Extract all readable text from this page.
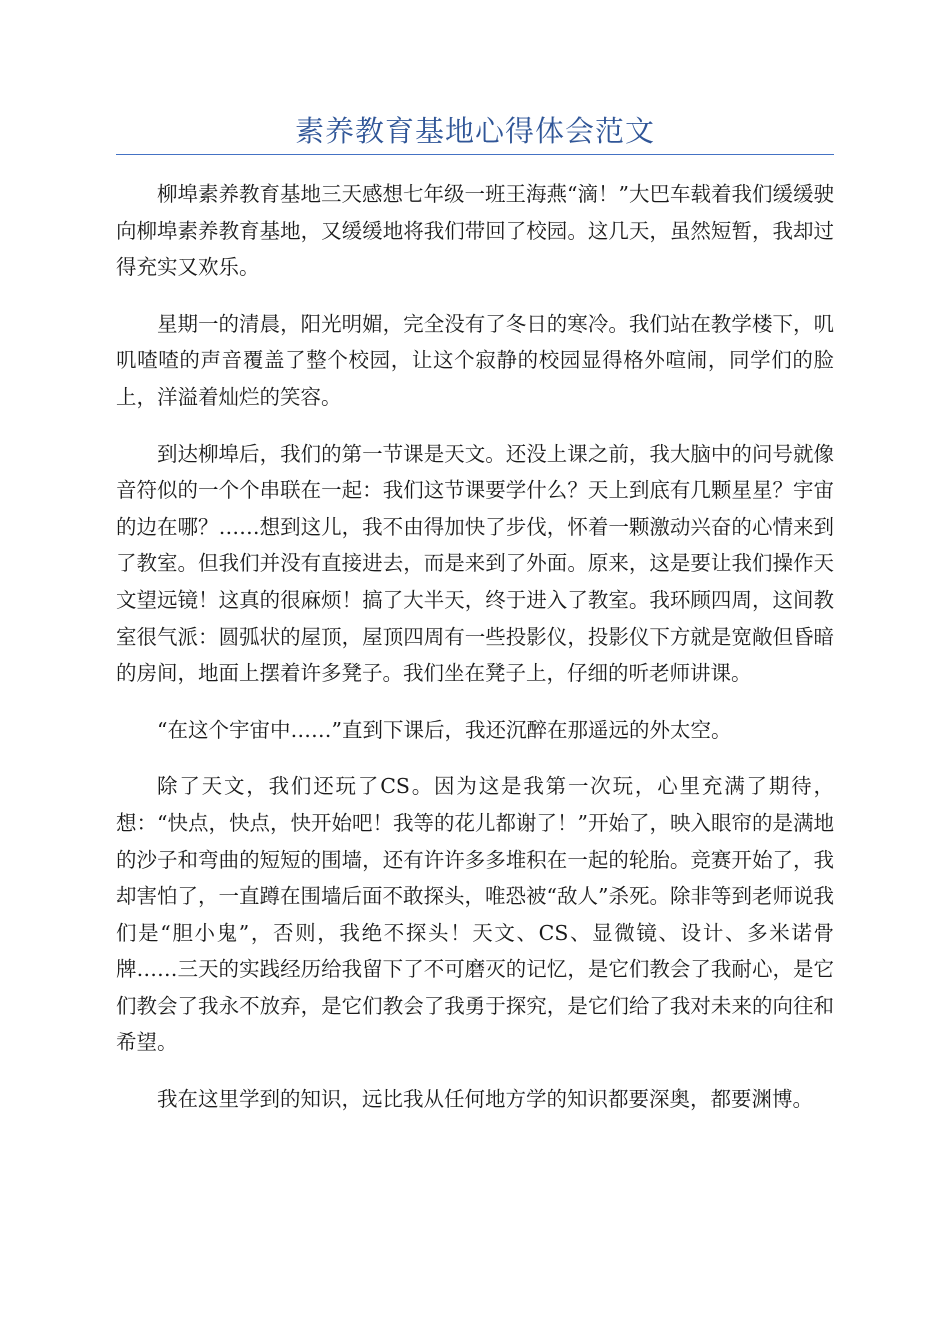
素养教育基地心得体会范文

柳埠素养教育基地三天感想七年级一班王海燕“滴！”大巴车载着我们缓缓驶向柳埠素养教育基地，又缓缓地将我们带回了校园。这几天，虽然短暂，我却过得充实又欢乐。

星期一的清晨，阳光明媚，完全没有了冬日的寒冷。我们站在教学楼下，叽叽喳喳的声音覆盖了整个校园，让这个寂静的校园显得格外喧闹，同学们的脸上，洋溢着灿烂的笑容。

到达柳埠后，我们的第一节课是天文。还没上课之前，我大脑中的问号就像音符似的一个个串联在一起：我们这节课要学什么？天上到底有几颗星星？宇宙的边在哪？……想到这儿，我不由得加快了步伐，怀着一颗激动兴奋的心情来到了教室。但我们并没有直接进去，而是来到了外面。原来，这是要让我们操作天文望远镜！这真的很麻烦！搞了大半天，终于进入了教室。我环顾四周，这间教室很气派：圆弧状的屋顶，屋顶四周有一些投影仪，投影仪下方就是宽敞但昏暗的房间，地面上摆着许多凳子。我们坐在凳子上，仔细的听老师讲课。

“在这个宇宙中……”直到下课后，我还沉醉在那遥远的外太空。

除了天文，我们还玩了CS。因为这是我第一次玩，心里充满了期待，想：“快点，快点，快开始吧！我等的花儿都谢了！”开始了，映入眼帘的是满地的沙子和弯曲的短短的围墙，还有许许多多堆积在一起的轮胎。竞赛开始了，我却害怕了，一直蹲在围墙后面不敢探头，唯恐被“敌人”杀死。除非等到老师说我们是“胆小鬼”，否则，我绝不探头！天文、CS、显微镜、设计、多米诺骨牌……三天的实践经历给我留下了不可磨灭的记忆，是它们教会了我耐心，是它们教会了我永不放弃，是它们教会了我勇于探究，是它们给了我对未来的向往和希望。

我在这里学到的知识，远比我从任何地方学的知识都要深奥，都要渊博。
